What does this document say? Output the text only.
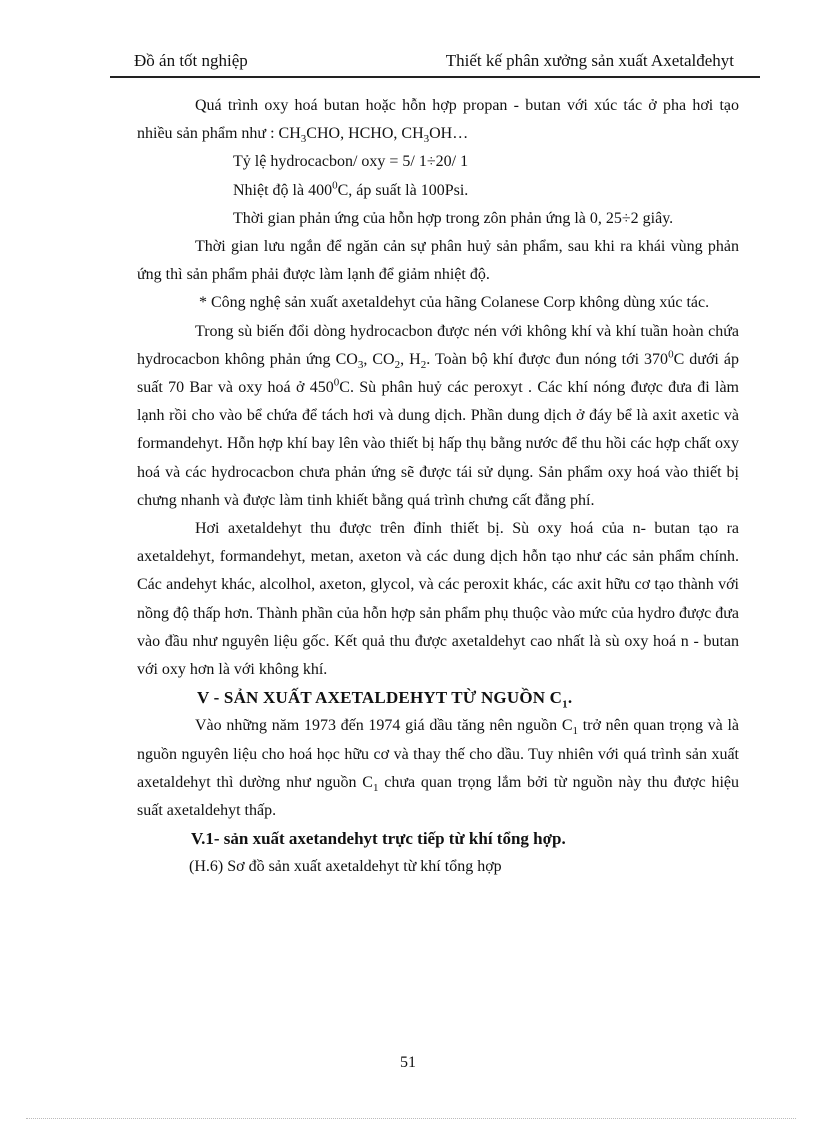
Đồ án tốt nghiệp	Thiết kế phân xưởng sản xuất Axetalđehyt

Quá trình oxy hoá butan hoặc hỗn hợp propan - butan với xúc tác ở pha hơi tạo nhiều sản phẩm như : $CH_3CHO$, HCHO, $CH_3OH\dots$

Tỷ lệ hydrocacbon/ oxy = 5/ 1÷20/ 1

Nhiệt độ là $400^0C$, áp suất là 100Psi.

Thời gian phản ứng của hỗn hợp trong zôn phản ứng là 0, 25÷2 giây.

Thời gian lưu ngắn để ngăn cản sự phân huỷ sản phẩm, sau khi ra khái vùng phản ứng thì sản phẩm phải được làm lạnh để giảm nhiệt độ.

* Công nghệ sản xuất axetaldehyt của hãng Colanese Corp không dùng xúc tác.

Trong sù biến đổi dòng hydrocacbon được nén với không khí và khí tuần hoàn chứa hydrocacbon không phản ứng $CO_3$, $CO_2$, $H_2$. Toàn bộ khí được đun nóng tới $370^0C$ dưới áp suất 70 Bar và oxy hoá ở $450^0C$. Sù phân huỷ các peroxyt . Các khí nóng được đưa đi làm lạnh rồi cho vào bể chứa để tách hơi và dung dịch. Phần dung dịch ở đáy bể là axit axetic và formandehyt. Hỗn hợp khí bay lên vào thiết bị hấp thụ bằng nước để thu hồi các hợp chất oxy hoá và các hydrocacbon chưa phản ứng sẽ được tái sử dụng. Sản phẩm oxy hoá vào thiết bị chưng nhanh và được làm tinh khiết bằng quá trình chưng cất đẳng phí.

Hơi axetaldehyt thu được trên đỉnh thiết bị. Sù oxy hoá của n- butan tạo ra axetaldehyt, formandehyt, metan, axeton và các dung dịch hỗn tạo như các sản phẩm chính. Các andehyt khác, alcolhol, axeton, glycol, và các peroxit khác, các axit hữu cơ tạo thành với nồng độ thấp hơn. Thành phần của hỗn hợp sản phẩm phụ thuộc vào mức của hydro được đưa vào đầu như nguyên liệu gốc. Kết quả thu được axetaldehyt cao nhất là sù oxy hoá n - butan với oxy hơn là với không khí.

V - SẢN XUẤT AXETALDEHYT TỪ NGUỒN $C_1$.

Vào những năm 1973 đến 1974 giá dầu tăng nên nguồn $C_1$ trở nên quan trọng và là nguồn nguyên liệu cho hoá học hữu cơ và thay thế cho dầu. Tuy nhiên với quá trình sản xuất axetaldehyt thì dường như nguồn $C_1$ chưa quan trọng lắm bởi từ nguồn này thu được hiệu suất axetaldehyt thấp.

V.1- sản xuất axetandehyt trực tiếp từ khí tổng hợp.

(H.6) Sơ đồ sản xuất axetaldehyt từ khí tổng hợp

51
